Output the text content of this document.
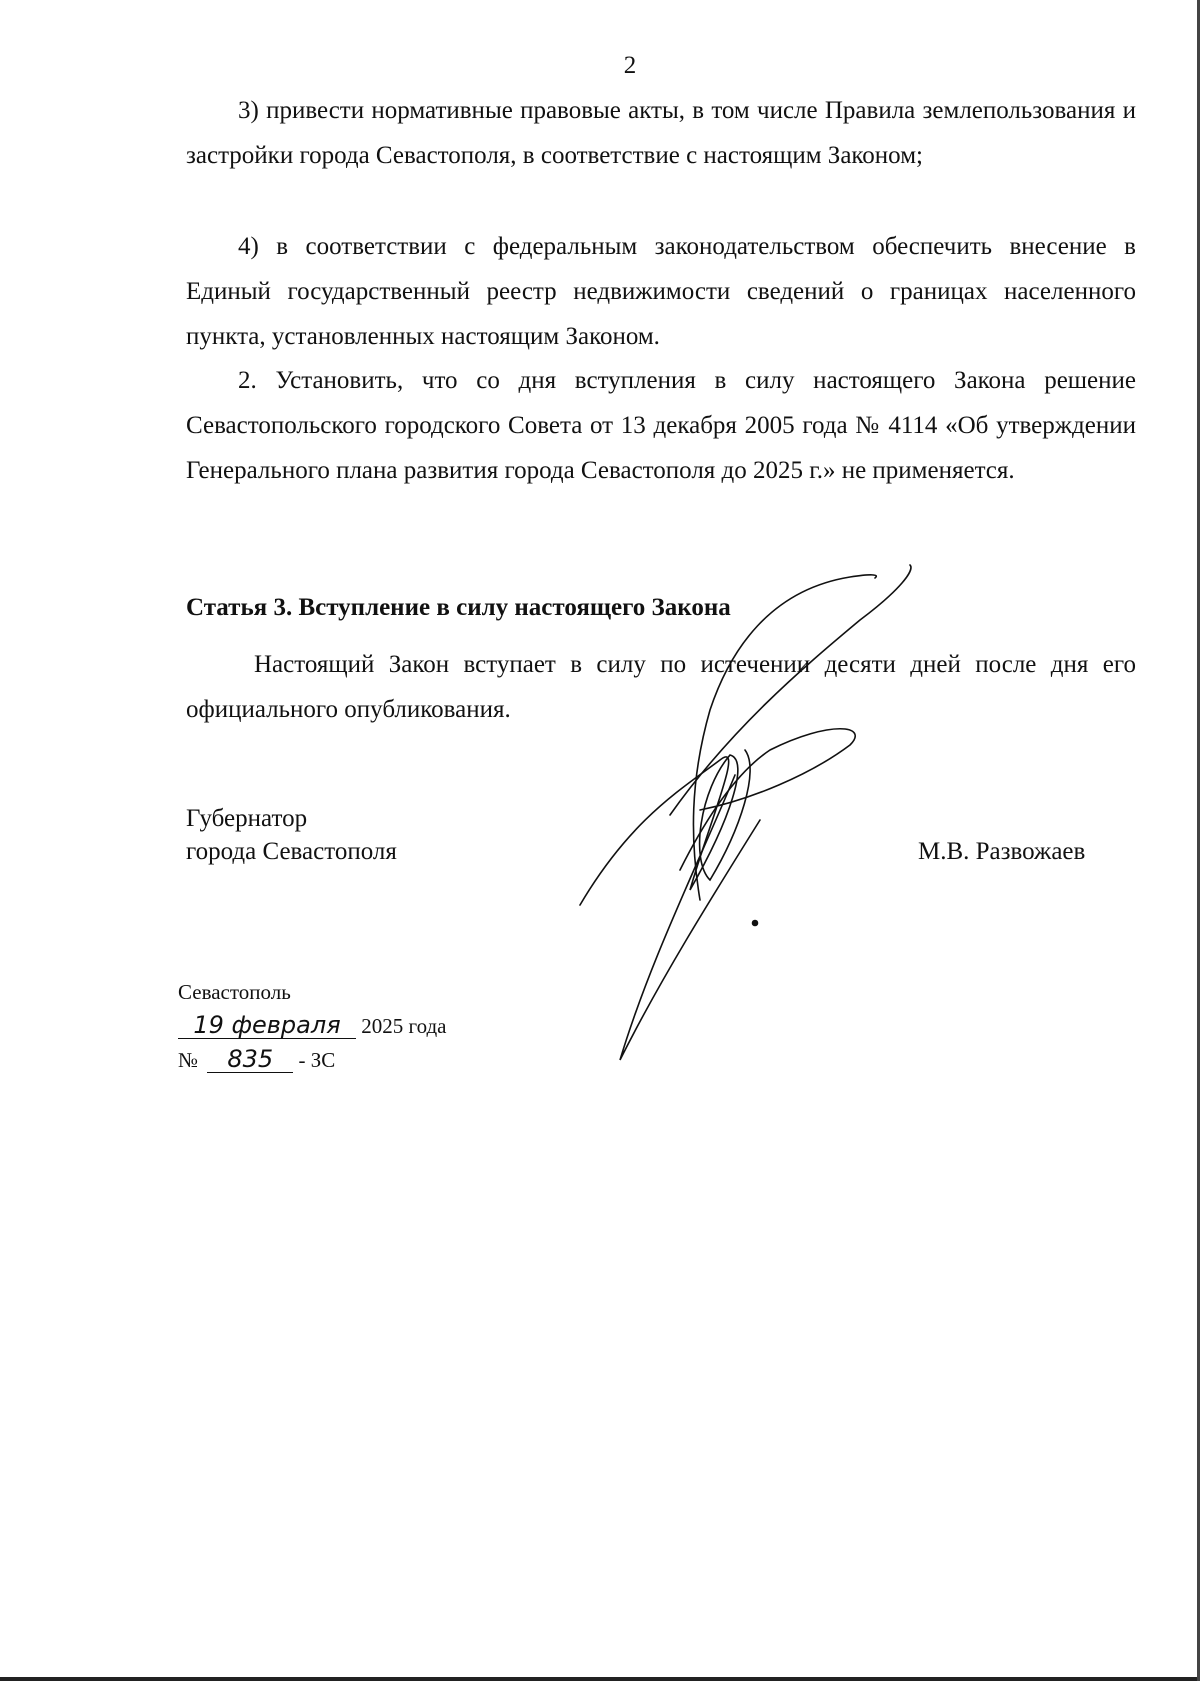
2

3) привести нормативные правовые акты, в том числе Правила землепользования и застройки города Севастополя, в соответствие с настоящим Законом;

4) в соответствии с федеральным законодательством обеспечить внесение в Единый государственный реестр недвижимости сведений о границах населенного пункта, установленных настоящим Законом.

2. Установить, что со дня вступления в силу настоящего Закона решение Севастопольского городского Совета от 13 декабря 2005 года № 4114 «Об утверждении Генерального плана развития города Севастополя до 2025 г.» не применяется.

Статья 3. Вступление в силу настоящего Закона

Настоящий Закон вступает в силу по истечении десяти дней после дня его официального опубликования.

Губернатор
города Севастополя	М.В. Развожаев
Севастополь
19 февраля 2025 года
№ 835 - ЗС
